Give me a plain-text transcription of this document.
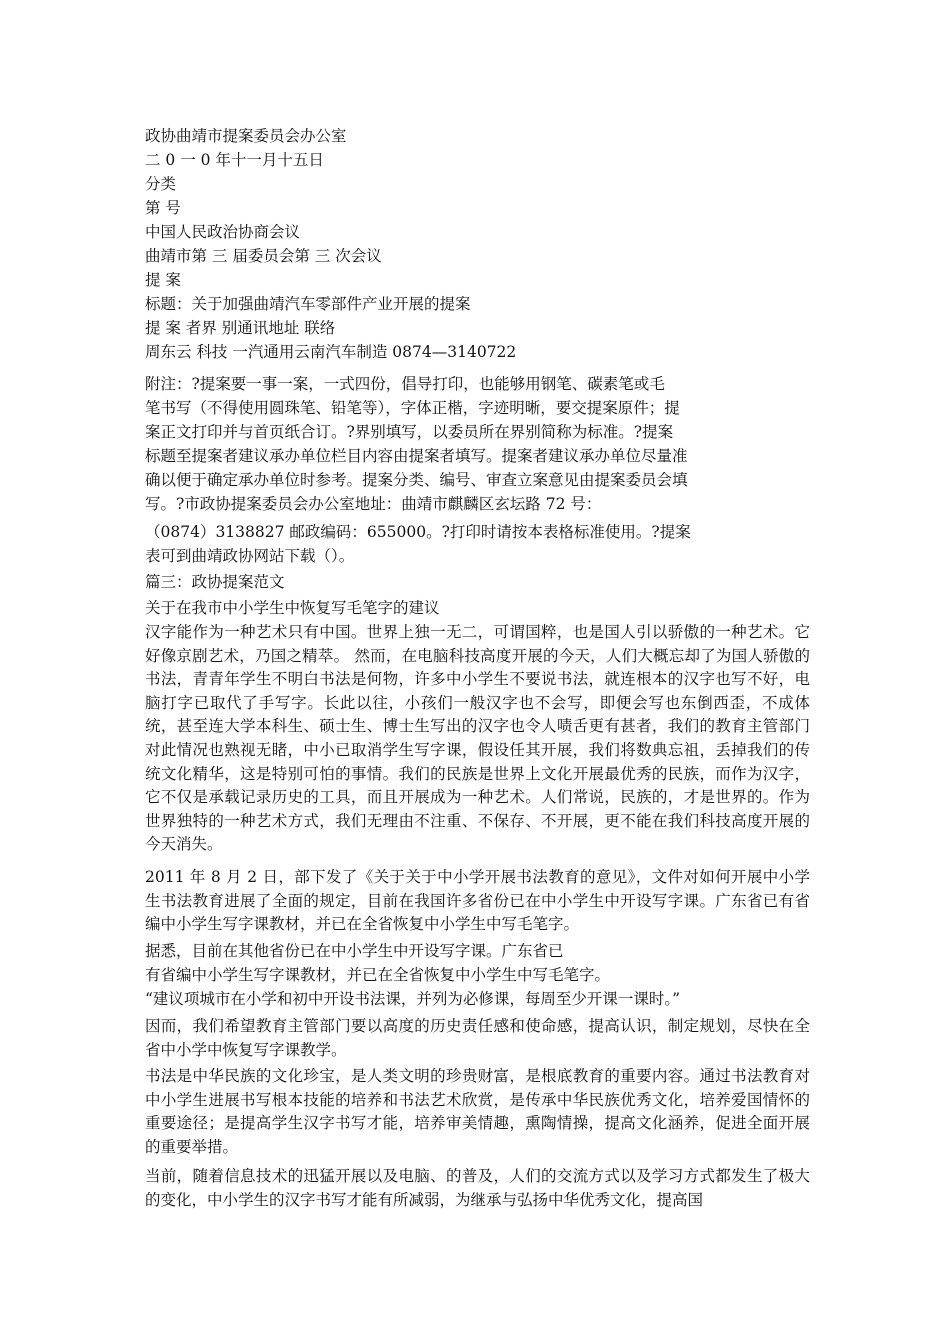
政协曲靖市提案委员会办公室
二 0 一 0 年十一月十五日
分类
第 号
中国人民政治协商会议
曲靖市第 三 届委员会第 三 次会议
提 案
标题：关于加强曲靖汽车零部件产业开展的提案
提 案 者界 别通讯地址 联络
周东云 科技 一汽通用云南汽车制造 0874—3140722
附注：?提案要一事一案，一式四份，倡导打印，也能够用钢笔、碳素笔或毛
笔书写（不得使用圆珠笔、铅笔等），字体正楷，字迹明晰，要交提案原件；提
案正文打印并与首页纸合订。?界别填写，以委员所在界别简称为标准。?提案
标题至提案者建议承办单位栏目内容由提案者填写。提案者建议承办单位尽量准
确以便于确定承办单位时参考。提案分类、编号、审查立案意见由提案委员会填
写。?市政协提案委员会办公室地址：曲靖市麒麟区玄坛路 72 号：
（0874）3138827 邮政编码：655000。?打印时请按本表格标准使用。?提案
表可到曲靖政协网站下载（）。
篇三：政协提案范文
关于在我市中小学生中恢复写毛笔字的建议
汉字能作为一种艺术只有中国。世界上独一无二，可谓国粹，也是国人引以骄傲的一种艺术。它好像京剧艺术，乃国之精萃。 然而，在电脑科技高度开展的今天，人们大概忘却了为国人骄傲的书法，青青年学生不明白书法是何物，许多中小学生不要说书法，就连根本的汉字也写不好，电脑打字已取代了手写字。长此以往，小孩们一般汉字也不会写，即便会写也东倒西歪，不成体统，甚至连大学本科生、硕士生、博士生写出的汉字也令人啧舌更有甚者，我们的教育主管部门对此情况也熟视无睹，中小已取消学生写字课，假设任其开展，我们将数典忘祖，丢掉我们的传统文化精华，这是特别可怕的事情。我们的民族是世界上文化开展最优秀的民族，而作为汉字，它不仅是承载记录历史的工具，而且开展成为一种艺术。人们常说，民族的，才是世界的。作为世界独特的一种艺术方式，我们无理由不注重、不保存、不开展，更不能在我们科技高度开展的今天消失。
2011 年 8 月 2 日，部下发了《关于关于中小学开展书法教育的意见》，文件对如何开展中小学生书法教育进展了全面的规定，目前在我国许多省份已在中小学生中开设写字课。广东省已有省编中小学生写字课教材，并已在全省恢复中小学生中写毛笔字。
据悉，目前在其他省份已在中小学生中开设写字课。广东省已
有省编中小学生写字课教材，并已在全省恢复中小学生中写毛笔字。
“建议项城市在小学和初中开设书法课，并列为必修课，每周至少开课一课时。”
因而，我们希望教育主管部门要以高度的历史责任感和使命感，提高认识，制定规划，尽快在全省中小学中恢复写字课教学。
书法是中华民族的文化珍宝，是人类文明的珍贵财富，是根底教育的重要内容。通过书法教育对中小学生进展书写根本技能的培养和书法艺术欣赏，是传承中华民族优秀文化，培养爱国情怀的重要途径；是提高学生汉字书写才能，培养审美情趣，熏陶情操，提高文化涵养，促进全面开展的重要举措。
当前，随着信息技术的迅猛开展以及电脑、的普及，人们的交流方式以及学习方式都发生了极大的变化，中小学生的汉字书写才能有所减弱，为继承与弘扬中华优秀文化，提高国
